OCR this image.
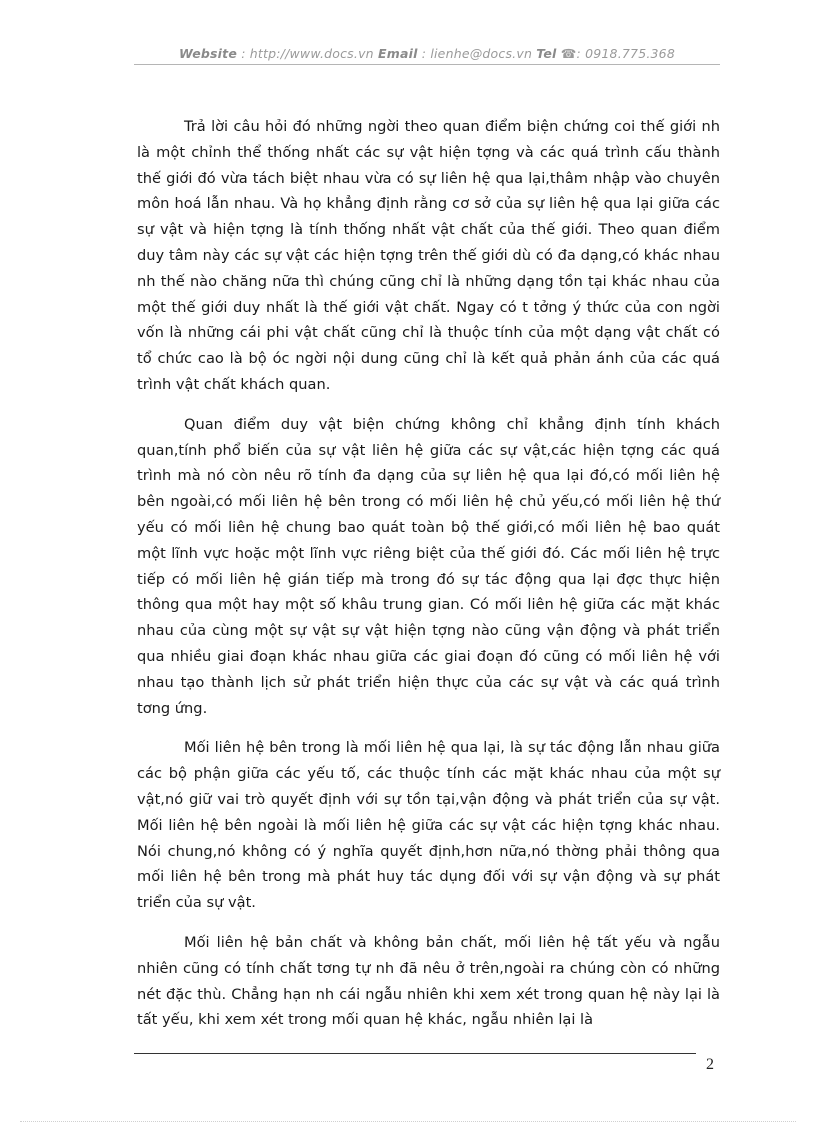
Website : http://www.docs.vn Email : lienhe@docs.vn Tel ☎: 0918.775.368

Trả lời câu hỏi đó những ngời theo quan điểm biện chứng coi thế giới nh là một chỉnh thể thống nhất các sự vật hiện tợng và các quá trình cấu thành thế giới đó vừa tách biệt nhau vừa có sự liên hệ qua lại,thâm nhập vào chuyên môn hoá lẫn nhau. Và họ khẳng định rằng cơ sở của sự liên hệ qua lại giữa các sự vật và hiện tợng là tính thống nhất vật chất của thế giới. Theo quan điểm duy tâm này các sự vật các hiện tợng trên thế giới dù có đa dạng,có khác nhau nh thế nào chăng nữa thì chúng cũng chỉ là những dạng tồn tại khác nhau của một thế giới duy nhất là thế giới vật chất. Ngay có t tởng ý thức của con ngời vốn là những cái phi vật chất cũng chỉ là thuộc tính của một dạng vật chất có tổ chức cao là bộ óc ngời nội dung cũng chỉ là kết quả phản ánh của các quá trình vật chất khách quan.

Quan điểm duy vật biện chứng không chỉ khẳng định tính khách quan,tính phổ biến của sự vật liên hệ giữa các sự vật,các hiện tợng các quá trình mà nó còn nêu rõ tính đa dạng của sự liên hệ qua lại đó,có mối liên hệ bên ngoài,có mối liên hệ bên trong có mối liên hệ chủ yếu,có mối liên hệ thứ yếu có mối liên hệ chung bao quát toàn bộ thế giới,có mối liên hệ bao quát một lĩnh vực hoặc một lĩnh vực riêng biệt của thế giới đó. Các mối liên hệ trực tiếp có mối liên hệ gián tiếp mà trong đó sự tác động qua lại đợc thực hiện thông qua một hay một số khâu trung gian. Có mối liên hệ giữa các mặt khác nhau của cùng một sự vật sự vật hiện tợng nào cũng vận động và phát triển qua nhiều giai đoạn khác nhau giữa các giai đoạn đó cũng có mối liên hệ với nhau tạo thành lịch sử phát triển hiện thực của các sự vật và các quá trình tơng ứng.

Mối liên hệ bên trong là mối liên hệ qua lại, là sự tác động lẫn nhau giữa các bộ phận giữa các yếu tố, các thuộc tính các mặt khác nhau của một sự vật,nó giữ vai trò quyết định với sự tồn tại,vận động và phát triển của sự vật. Mối liên hệ bên ngoài là mối liên hệ giữa các sự vật các hiện tợng khác nhau. Nói chung,nó không có ý nghĩa quyết định,hơn nữa,nó thờng phải thông qua mối liên hệ bên trong mà phát huy tác dụng đối với sự vận động và sự phát triển của sự vật.

Mối liên hệ bản chất và không bản chất, mối liên hệ tất yếu và ngẫu nhiên cũng có tính chất tơng tự nh đã nêu ở trên,ngoài ra chúng còn có những nét đặc thù. Chẳng hạn nh cái ngẫu nhiên khi xem xét trong quan hệ này lại là tất yếu, khi xem xét trong mối quan hệ khác, ngẫu nhiên lại là

2
